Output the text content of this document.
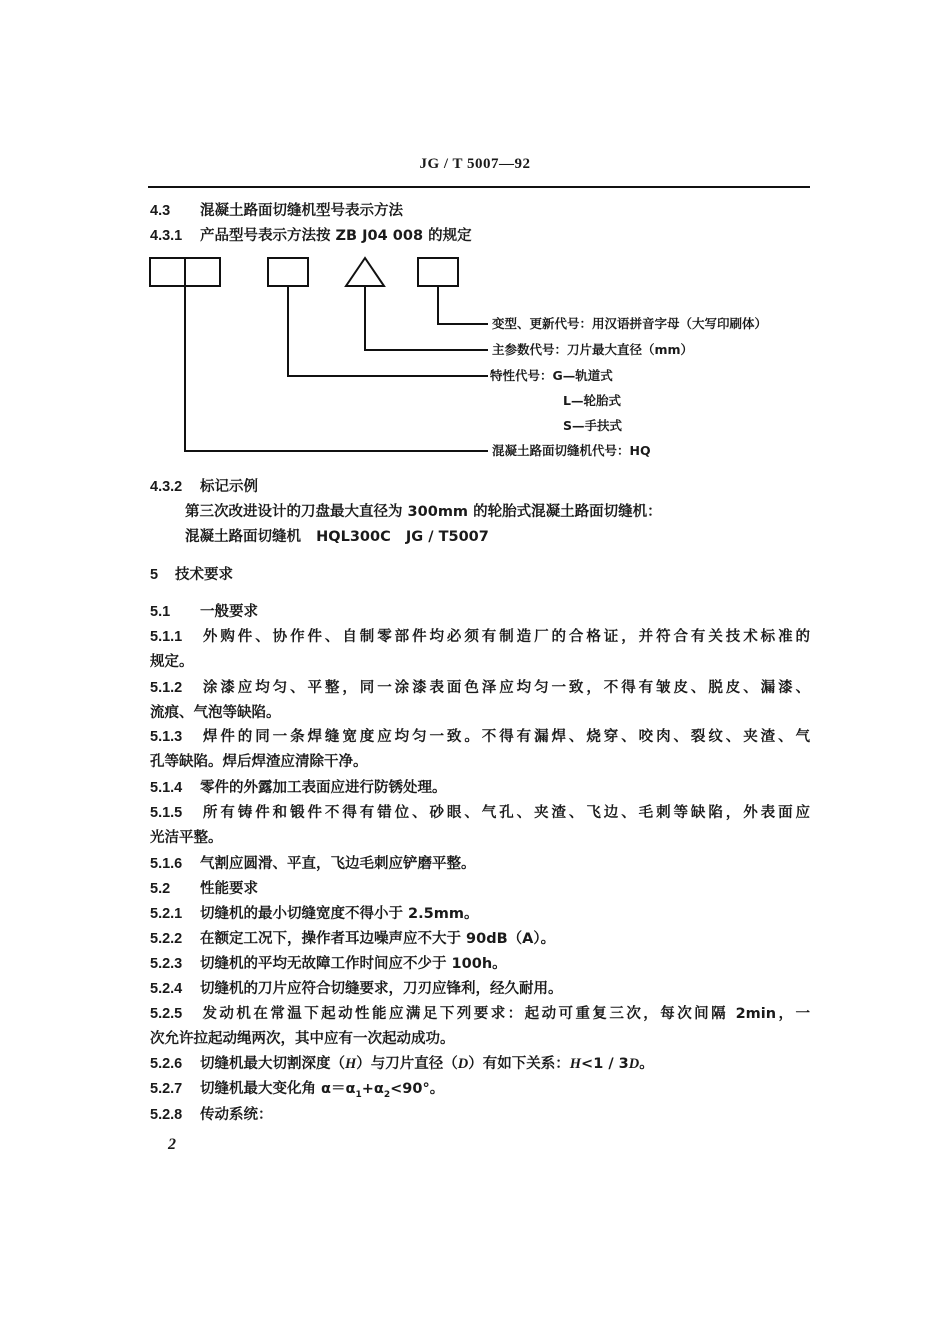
JG / T 5007—92
4.3 混凝土路面切缝机型号表示方法
4.3.1 产品型号表示方法按 ZB J04 008 的规定
变型、更新代号：用汉语拼音字母（大写印刷体）
主参数代号：刀片最大直径（mm）
特性代号：G—轨道式
L—轮胎式
S—手扶式
混凝土路面切缝机代号：HQ
4.3.2 标记示例
第三次改进设计的刀盘最大直径为 300mm 的轮胎式混凝土路面切缝机：
混凝土路面切缝机   HQL300C   JG / T5007
5 技术要求
5.1 一般要求
5.1.1 外购件、协作件、自制零部件均必须有制造厂的合格证，并符合有关技术标准的
规定。
5.1.2 涂漆应均匀、平整，同一涂漆表面色泽应均匀一致，不得有皱皮、脱皮、漏漆、
流痕、气泡等缺陷。
5.1.3 焊件的同一条焊缝宽度应均匀一致。不得有漏焊、烧穿、咬肉、裂纹、夹渣、气
孔等缺陷。焊后焊渣应清除干净。
5.1.4 零件的外露加工表面应进行防锈处理。
5.1.5 所有铸件和锻件不得有错位、砂眼、气孔、夹渣、飞边、毛刺等缺陷，外表面应
光洁平整。
5.1.6 气割应圆滑、平直，飞边毛刺应铲磨平整。
5.2 性能要求
5.2.1 切缝机的最小切缝宽度不得小于 2.5mm。
5.2.2 在额定工况下，操作者耳边噪声应不大于 90dB（A）。
5.2.3 切缝机的平均无故障工作时间应不少于 100h。
5.2.4 切缝机的刀片应符合切缝要求，刀刃应锋利，经久耐用。
5.2.5 发动机在常温下起动性能应满足下列要求：起动可重复三次，每次间隔 2min，一
次允许拉起动绳两次，其中应有一次起动成功。
5.2.6 切缝机最大切割深度（H）与刀片直径（D）有如下关系：H<1 / 3D。
5.2.7 切缝机最大变化角 $\alpha=\alpha_1+\alpha_2<90^\circ$。
5.2.8 传动系统：
2
